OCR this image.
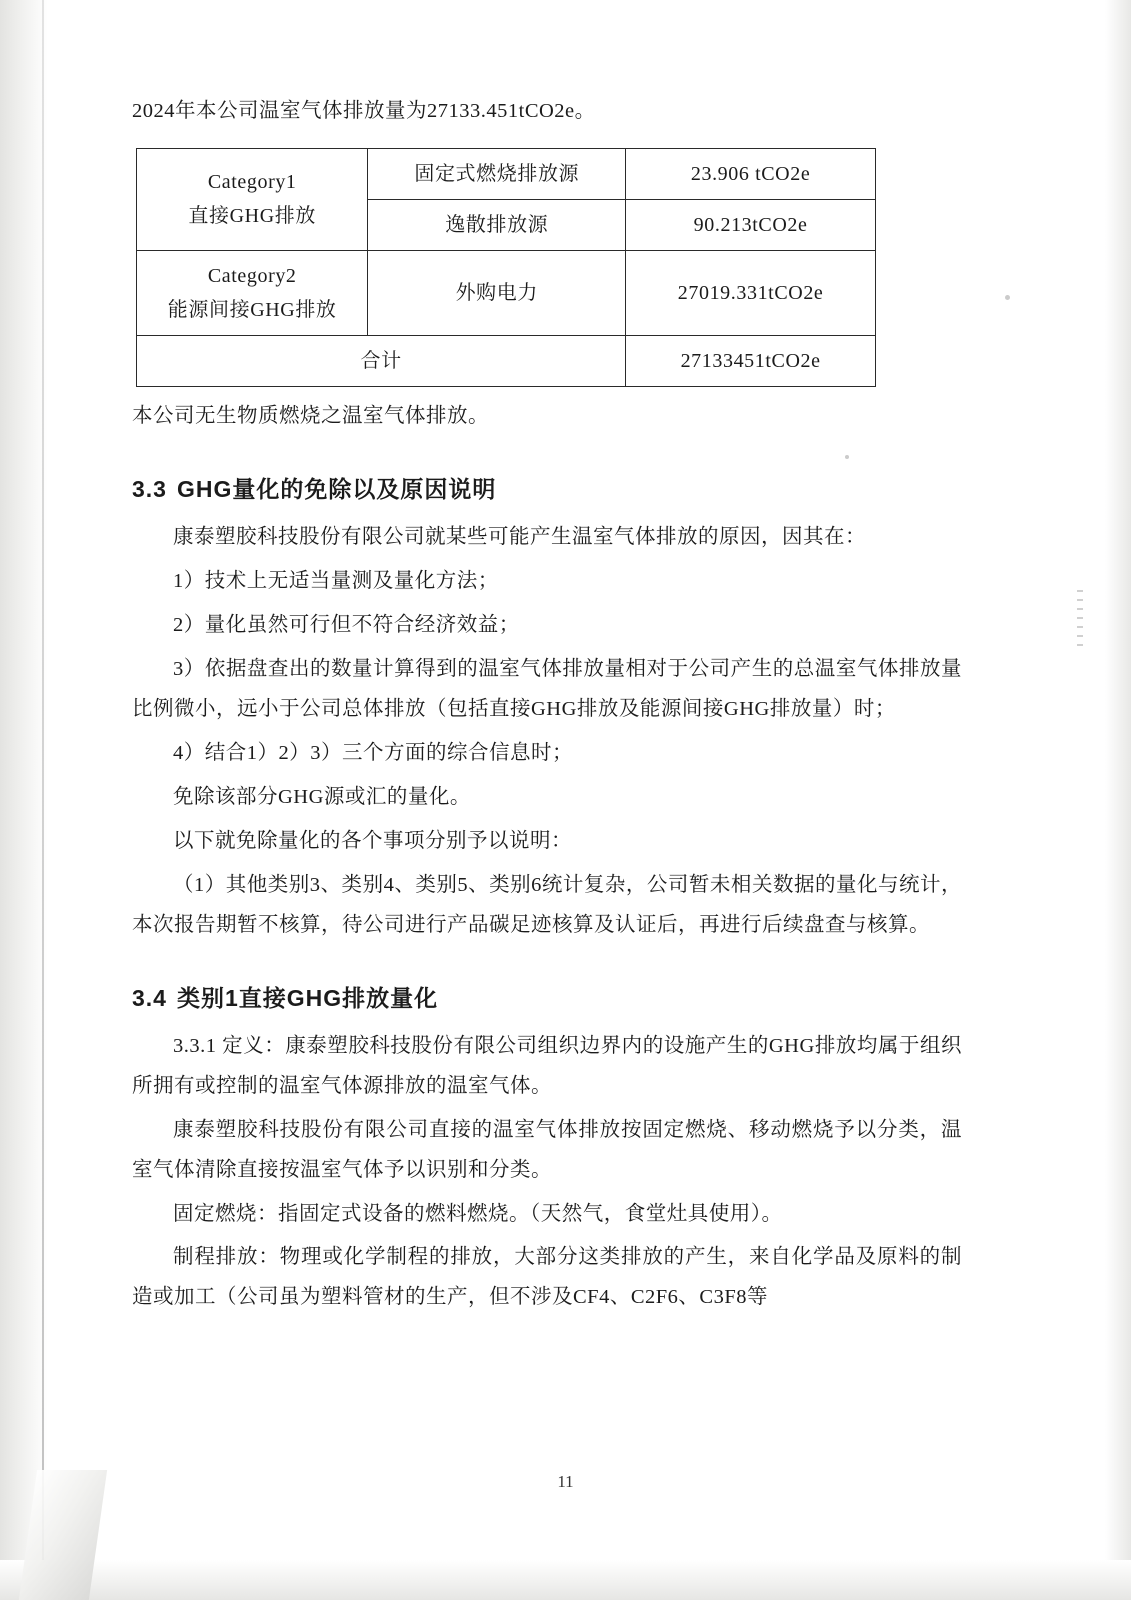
2024年本公司温室气体排放量为27133.451tCO2e。

Category1
直接GHG排放	固定式燃烧排放源	23.906 tCO2e
	逸散排放源	90.213tCO2e

Category2
能源间接GHG排放	外购电力	27019.331tCO2e
合计		27133451tCO2e

本公司无生物质燃烧之温室气体排放。

3.3 GHG量化的免除以及原因说明

康泰塑胶科技股份有限公司就某些可能产生温室气体排放的原因，因其在：

1）技术上无适当量测及量化方法；

2）量化虽然可行但不符合经济效益；

3）依据盘查出的数量计算得到的温室气体排放量相对于公司产生的总温室气体排放量比例微小，远小于公司总体排放（包括直接GHG排放及能源间接GHG排放量）时；

4）结合1）2）3）三个方面的综合信息时；

免除该部分GHG源或汇的量化。

以下就免除量化的各个事项分别予以说明：

（1）其他类别3、类别4、类别5、类别6统计复杂，公司暂未相关数据的量化与统计，本次报告期暂不核算，待公司进行产品碳足迹核算及认证后，再进行后续盘查与核算。

3.4 类别1直接GHG排放量化

3.3.1 定义：康泰塑胶科技股份有限公司组织边界内的设施产生的GHG排放均属于组织所拥有或控制的温室气体源排放的温室气体。

康泰塑胶科技股份有限公司直接的温室气体排放按固定燃烧、移动燃烧予以分类，温室气体清除直接按温室气体予以识别和分类。

固定燃烧：指固定式设备的燃料燃烧。（天然气，食堂灶具使用）。

制程排放：物理或化学制程的排放，大部分这类排放的产生，来自化学品及原料的制造或加工（公司虽为塑料管材的生产，但不涉及CF4、C2F6、C3F8等

11
